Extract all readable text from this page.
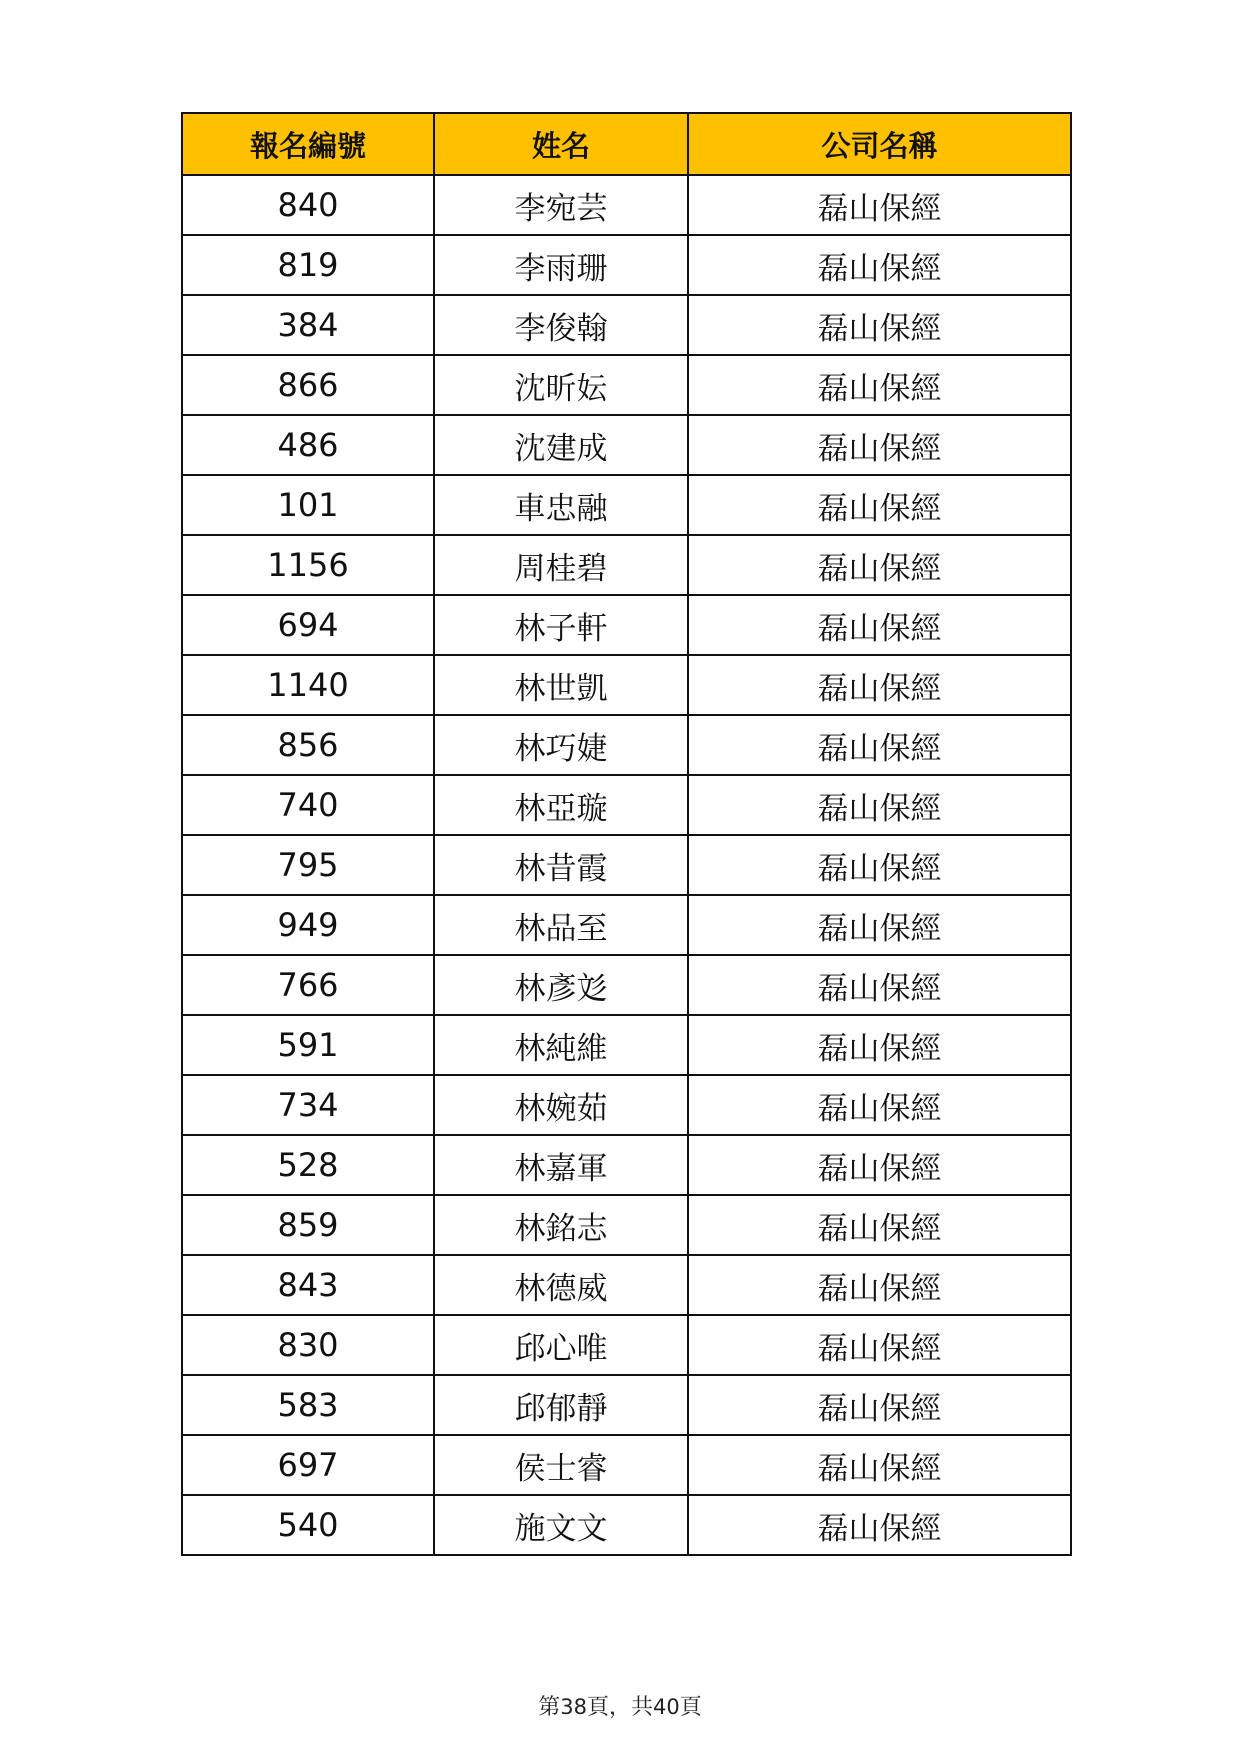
報名編號	姓名	公司名稱
840	李宛芸	磊山保經
819	李雨珊	磊山保經
384	李俊翰	磊山保經
866	沈昕妘	磊山保經
486	沈建成	磊山保經
101	車忠融	磊山保經
1156	周桂碧	磊山保經
694	林子軒	磊山保經
1140	林世凱	磊山保經
856	林巧婕	磊山保經
740	林亞璇	磊山保經
795	林昔霞	磊山保經
949	林品至	磊山保經
766	林彥彣	磊山保經
591	林純維	磊山保經
734	林婉茹	磊山保經
528	林嘉軍	磊山保經
859	林銘志	磊山保經
843	林德威	磊山保經
830	邱心唯	磊山保經
583	邱郁靜	磊山保經
697	侯士睿	磊山保經
540	施文文	磊山保經
第38頁，共40頁
